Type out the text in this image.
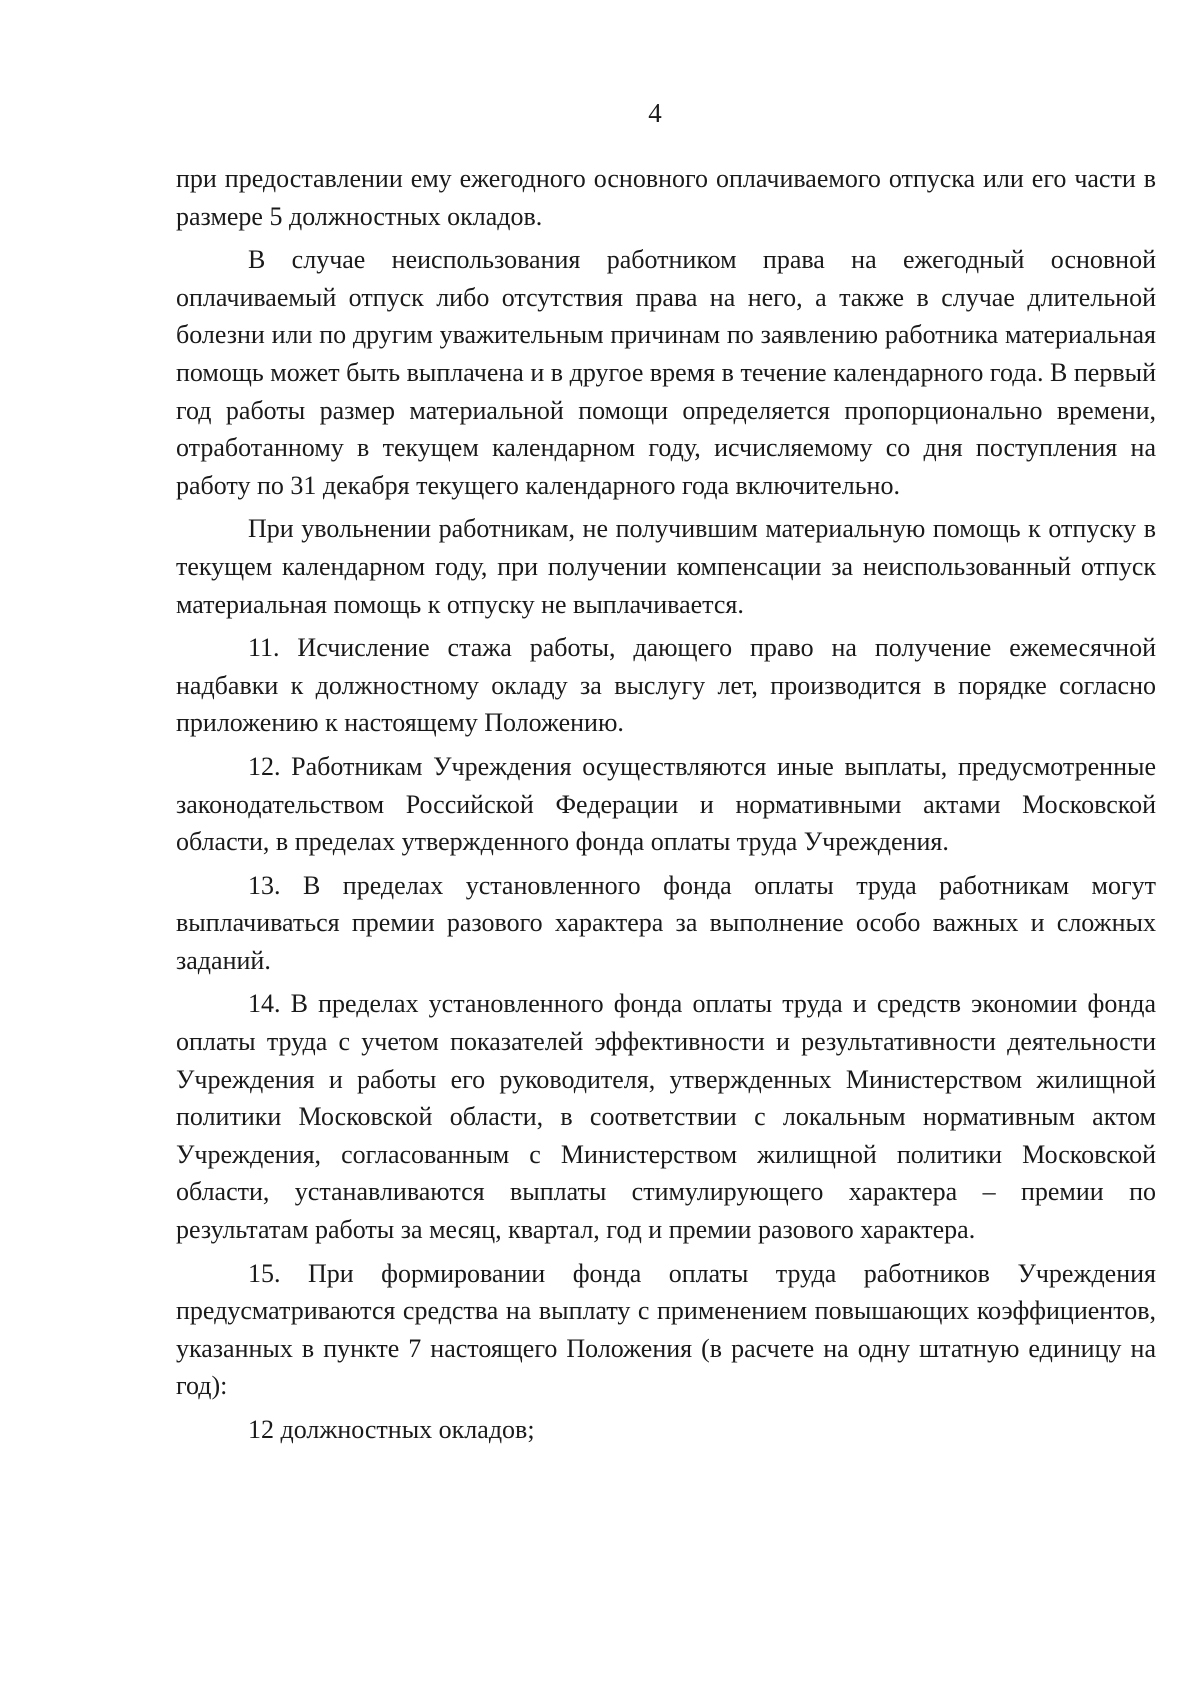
4

при предоставлении ему ежегодного основного оплачиваемого отпуска или его части в размере 5 должностных окладов.

В случае неиспользования работником права на ежегодный основной оплачиваемый отпуск либо отсутствия права на него, а также в случае длительной болезни или по другим уважительным причинам по заявлению работника материальная помощь может быть выплачена и в другое время в течение календарного года. В первый год работы размер материальной помощи определяется пропорционально времени, отработанному в текущем календарном году, исчисляемому со дня поступления на работу по 31 декабря текущего календарного года включительно.

При увольнении работникам, не получившим материальную помощь к отпуску в текущем календарном году, при получении компенсации за неиспользованный отпуск материальная помощь к отпуску не выплачивается.

11. Исчисление стажа работы, дающего право на получение ежемесячной надбавки к должностному окладу за выслугу лет, производится в порядке согласно приложению к настоящему Положению.

12. Работникам Учреждения осуществляются иные выплаты, предусмотренные законодательством Российской Федерации и нормативными актами Московской области, в пределах утвержденного фонда оплаты труда Учреждения.

13. В пределах установленного фонда оплаты труда работникам могут выплачиваться премии разового характера за выполнение особо важных и сложных заданий.

14. В пределах установленного фонда оплаты труда и средств экономии фонда оплаты труда с учетом показателей эффективности и результативности деятельности Учреждения и работы его руководителя, утвержденных Министерством жилищной политики Московской области, в соответствии с локальным нормативным актом Учреждения, согласованным с Министерством жилищной политики Московской области, устанавливаются выплаты стимулирующего характера – премии по результатам работы за месяц, квартал, год и премии разового характера.

15. При формировании фонда оплаты труда работников Учреждения предусматриваются средства на выплату с применением повышающих коэффициентов, указанных в пункте 7 настоящего Положения (в расчете на одну штатную единицу на год):

12 должностных окладов;
